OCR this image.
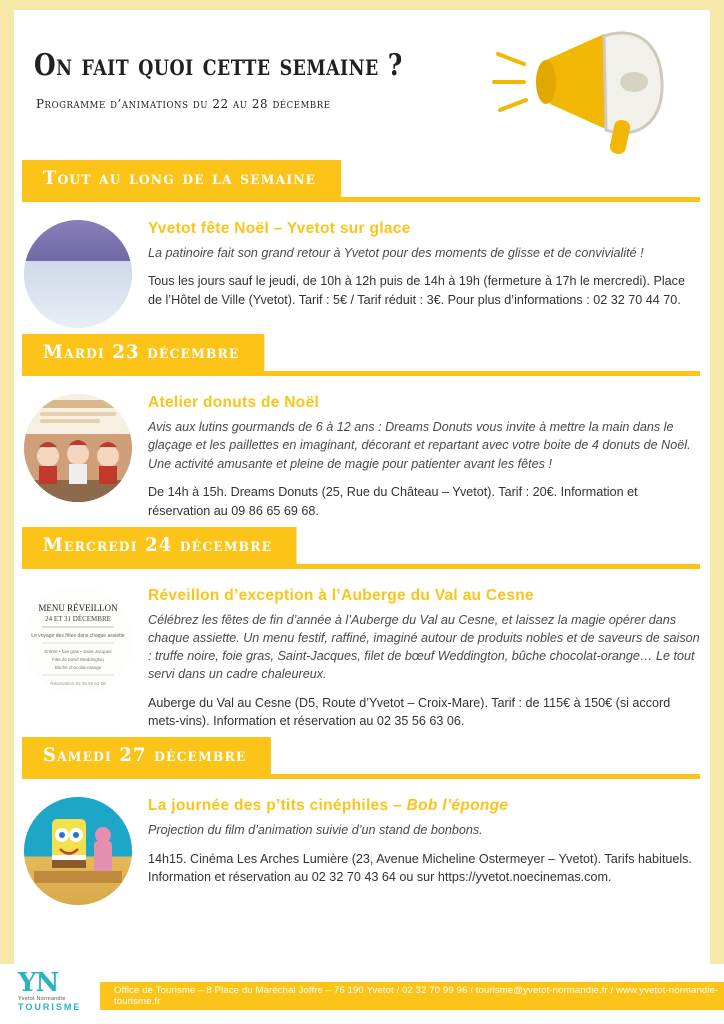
On fait quoi cette semaine ?
Programme d’animations du 22 au 28 décembre
Tout au long de la semaine
Yvetot fête Noël – Yvetot sur glace
La patinoire fait son grand retour à Yvetot pour des moments de glisse et de convivialité !
Tous les jours sauf le jeudi, de 10h à 12h puis de 14h à 19h (fermeture à 17h le mercredi). Place de l’Hôtel de Ville (Yvetot). Tarif : 5€ / Tarif réduit : 3€. Pour plus d’informations : 02 32 70 44 70.
Mardi 23 décembre
Atelier donuts de Noël
Avis aux lutins gourmands de 6 à 12 ans : Dreams Donuts vous invite à mettre la main dans le glaçage et les paillettes en imaginant, décorant et repartant avec votre boite de 4 donuts de Noël. Une activité amusante et pleine de magie pour patienter avant les fêtes !
De 14h à 15h. Dreams Donuts (25, Rue du Château – Yvetot). Tarif : 20€. Information et réservation au 09 86 65 69 68.
Mercredi 24 décembre
MENU RÉVEILLON
24 ET 31 DÉCEMBRE
Le voyage des fêtes dans chaque assiette
Entrée • foie gras • Saint-Jacques
Filet de bœuf Weddington
Bûche chocolat-orange
Réservation 02 35 56 63 06
Réveillon d’exception à l’Auberge du Val au Cesne
Célébrez les fêtes de fin d’année à l’Auberge du Val au Cesne, et laissez la magie opérer dans chaque assiette. Un menu festif, raffiné, imaginé autour de produits nobles et de saveurs de saison : truffe noire, foie gras, Saint-Jacques, filet de bœuf Weddington, bûche chocolat-orange… Le tout servi dans un cadre chaleureux.
Auberge du Val au Cesne (D5, Route d’Yvetot – Croix-Mare). Tarif : de 115€ à 150€ (si accord mets-vins). Information et réservation au 02 35 56 63 06.
Samedi 27 décembre
La journée des p’tits cinéphiles – Bob l’éponge
Projection du film d’animation suivie d’un stand de bonbons.
14h15. Cinéma Les Arches Lumière (23, Avenue Micheline Ostermeyer – Yvetot). Tarifs habituels. Information et réservation au 02 32 70 43 64 ou sur https://yvetot.noecinemas.com.
YN
Yvetot Normandie
TOURISME
Office de Tourisme – 8 Place du Maréchal Joffre – 76 190 Yvetot / 02 32 70 99 96 / tourisme@yvetot-normandie.fr / www.yvetot-normandie-tourisme.fr
